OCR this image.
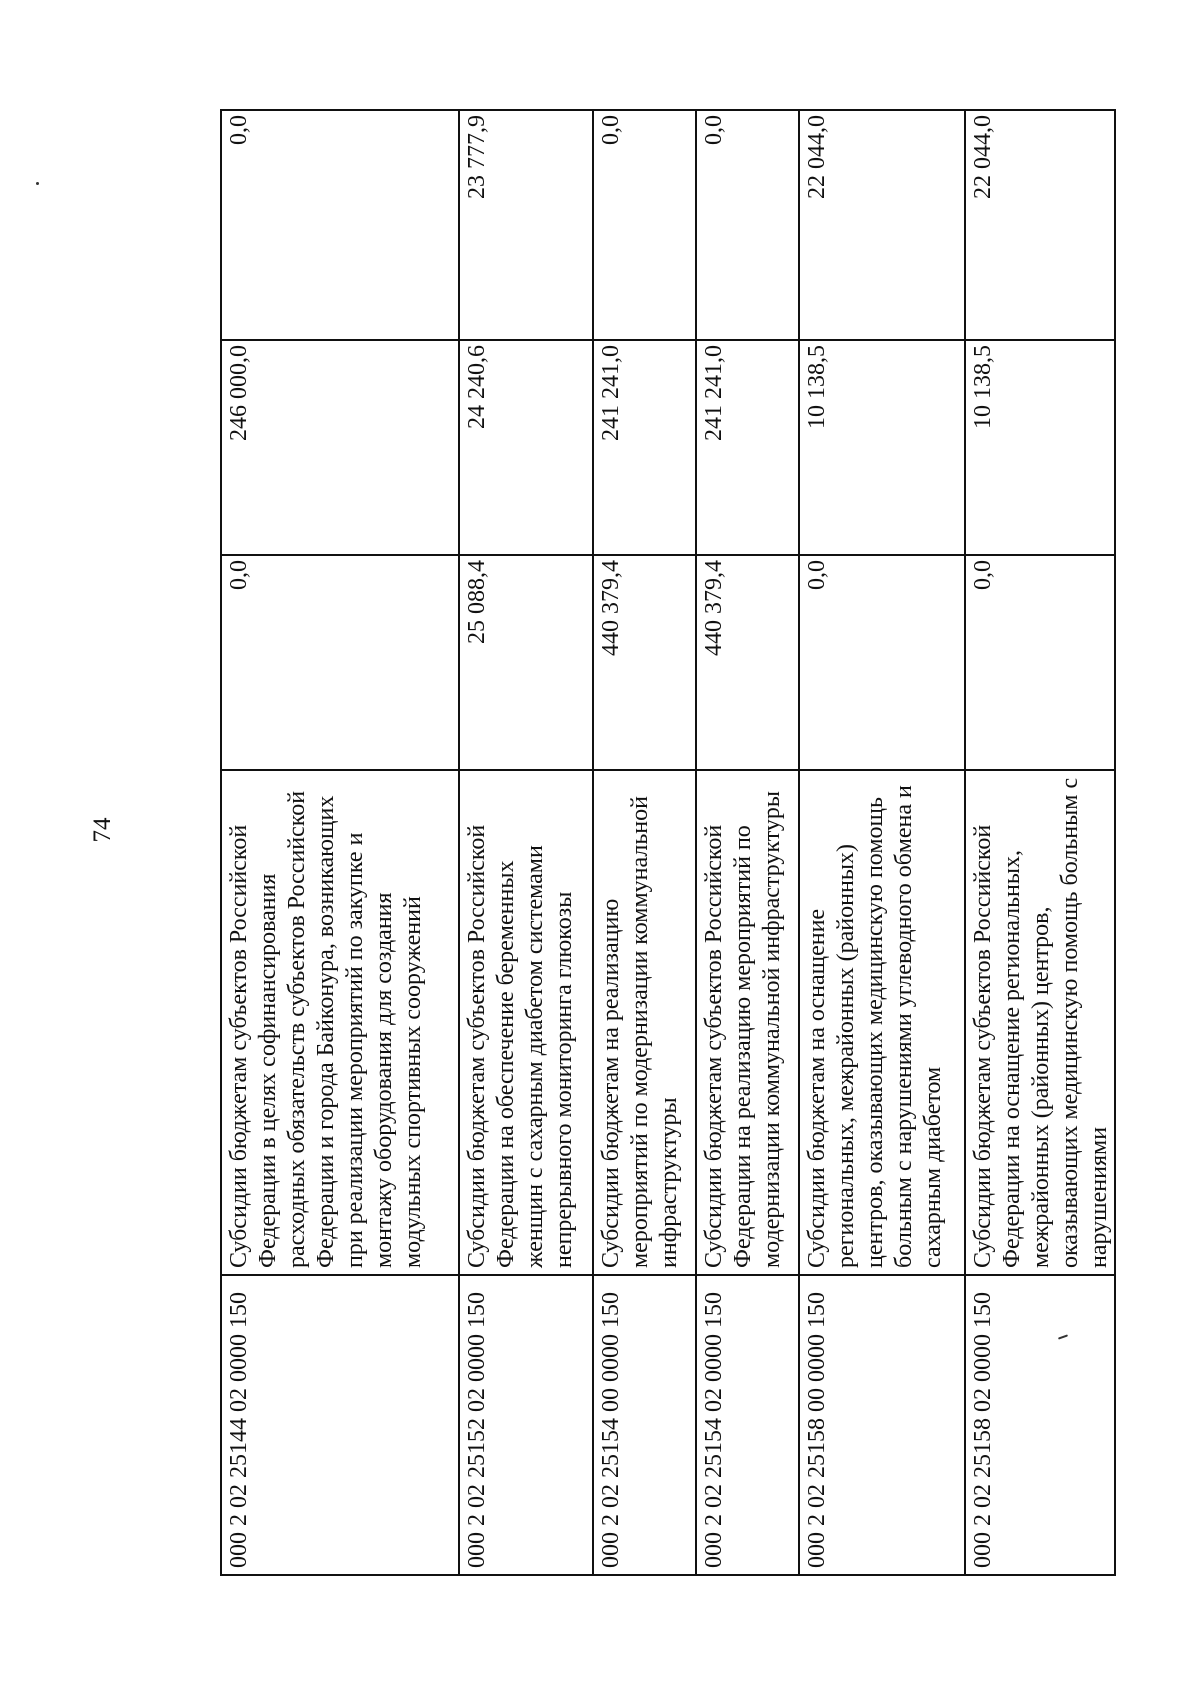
74
000 2 02 25144 02 0000 150	Субсидии бюджетам субъектов Российской Федерации в целях софинансирования расходных обязательств субъектов Российской Федерации и города Байконура, возникающих при реализации мероприятий по закупке и монтажу оборудования для создания модульных спортивных сооружений	0,0	246 000,0	0,0
000 2 02 25152 02 0000 150	Субсидии бюджетам субъектов Российской Федерации на обеспечение беременных женщин с сахарным диабетом системами непрерывного мониторинга глюкозы	25 088,4	24 240,6	23 777,9
000 2 02 25154 00 0000 150	Субсидии бюджетам на реализацию мероприятий по модернизации коммунальной инфраструктуры	440 379,4	241 241,0	0,0
000 2 02 25154 02 0000 150	Субсидии бюджетам субъектов Российской Федерации на реализацию мероприятий по модернизации коммунальной инфраструктуры	440 379,4	241 241,0	0,0
000 2 02 25158 00 0000 150	Субсидии бюджетам на оснащение региональных, межрайонных (районных) центров, оказывающих медицинскую помощь больным с нарушениями углеводного обмена и сахарным диабетом	0,0	10 138,5	22 044,0
000 2 02 25158 02 0000 150	Субсидии бюджетам субъектов Российской Федерации на оснащение региональных, межрайонных (районных) центров, оказывающих медицинскую помощь больным с нарушениями	0,0	10 138,5	22 044,0
